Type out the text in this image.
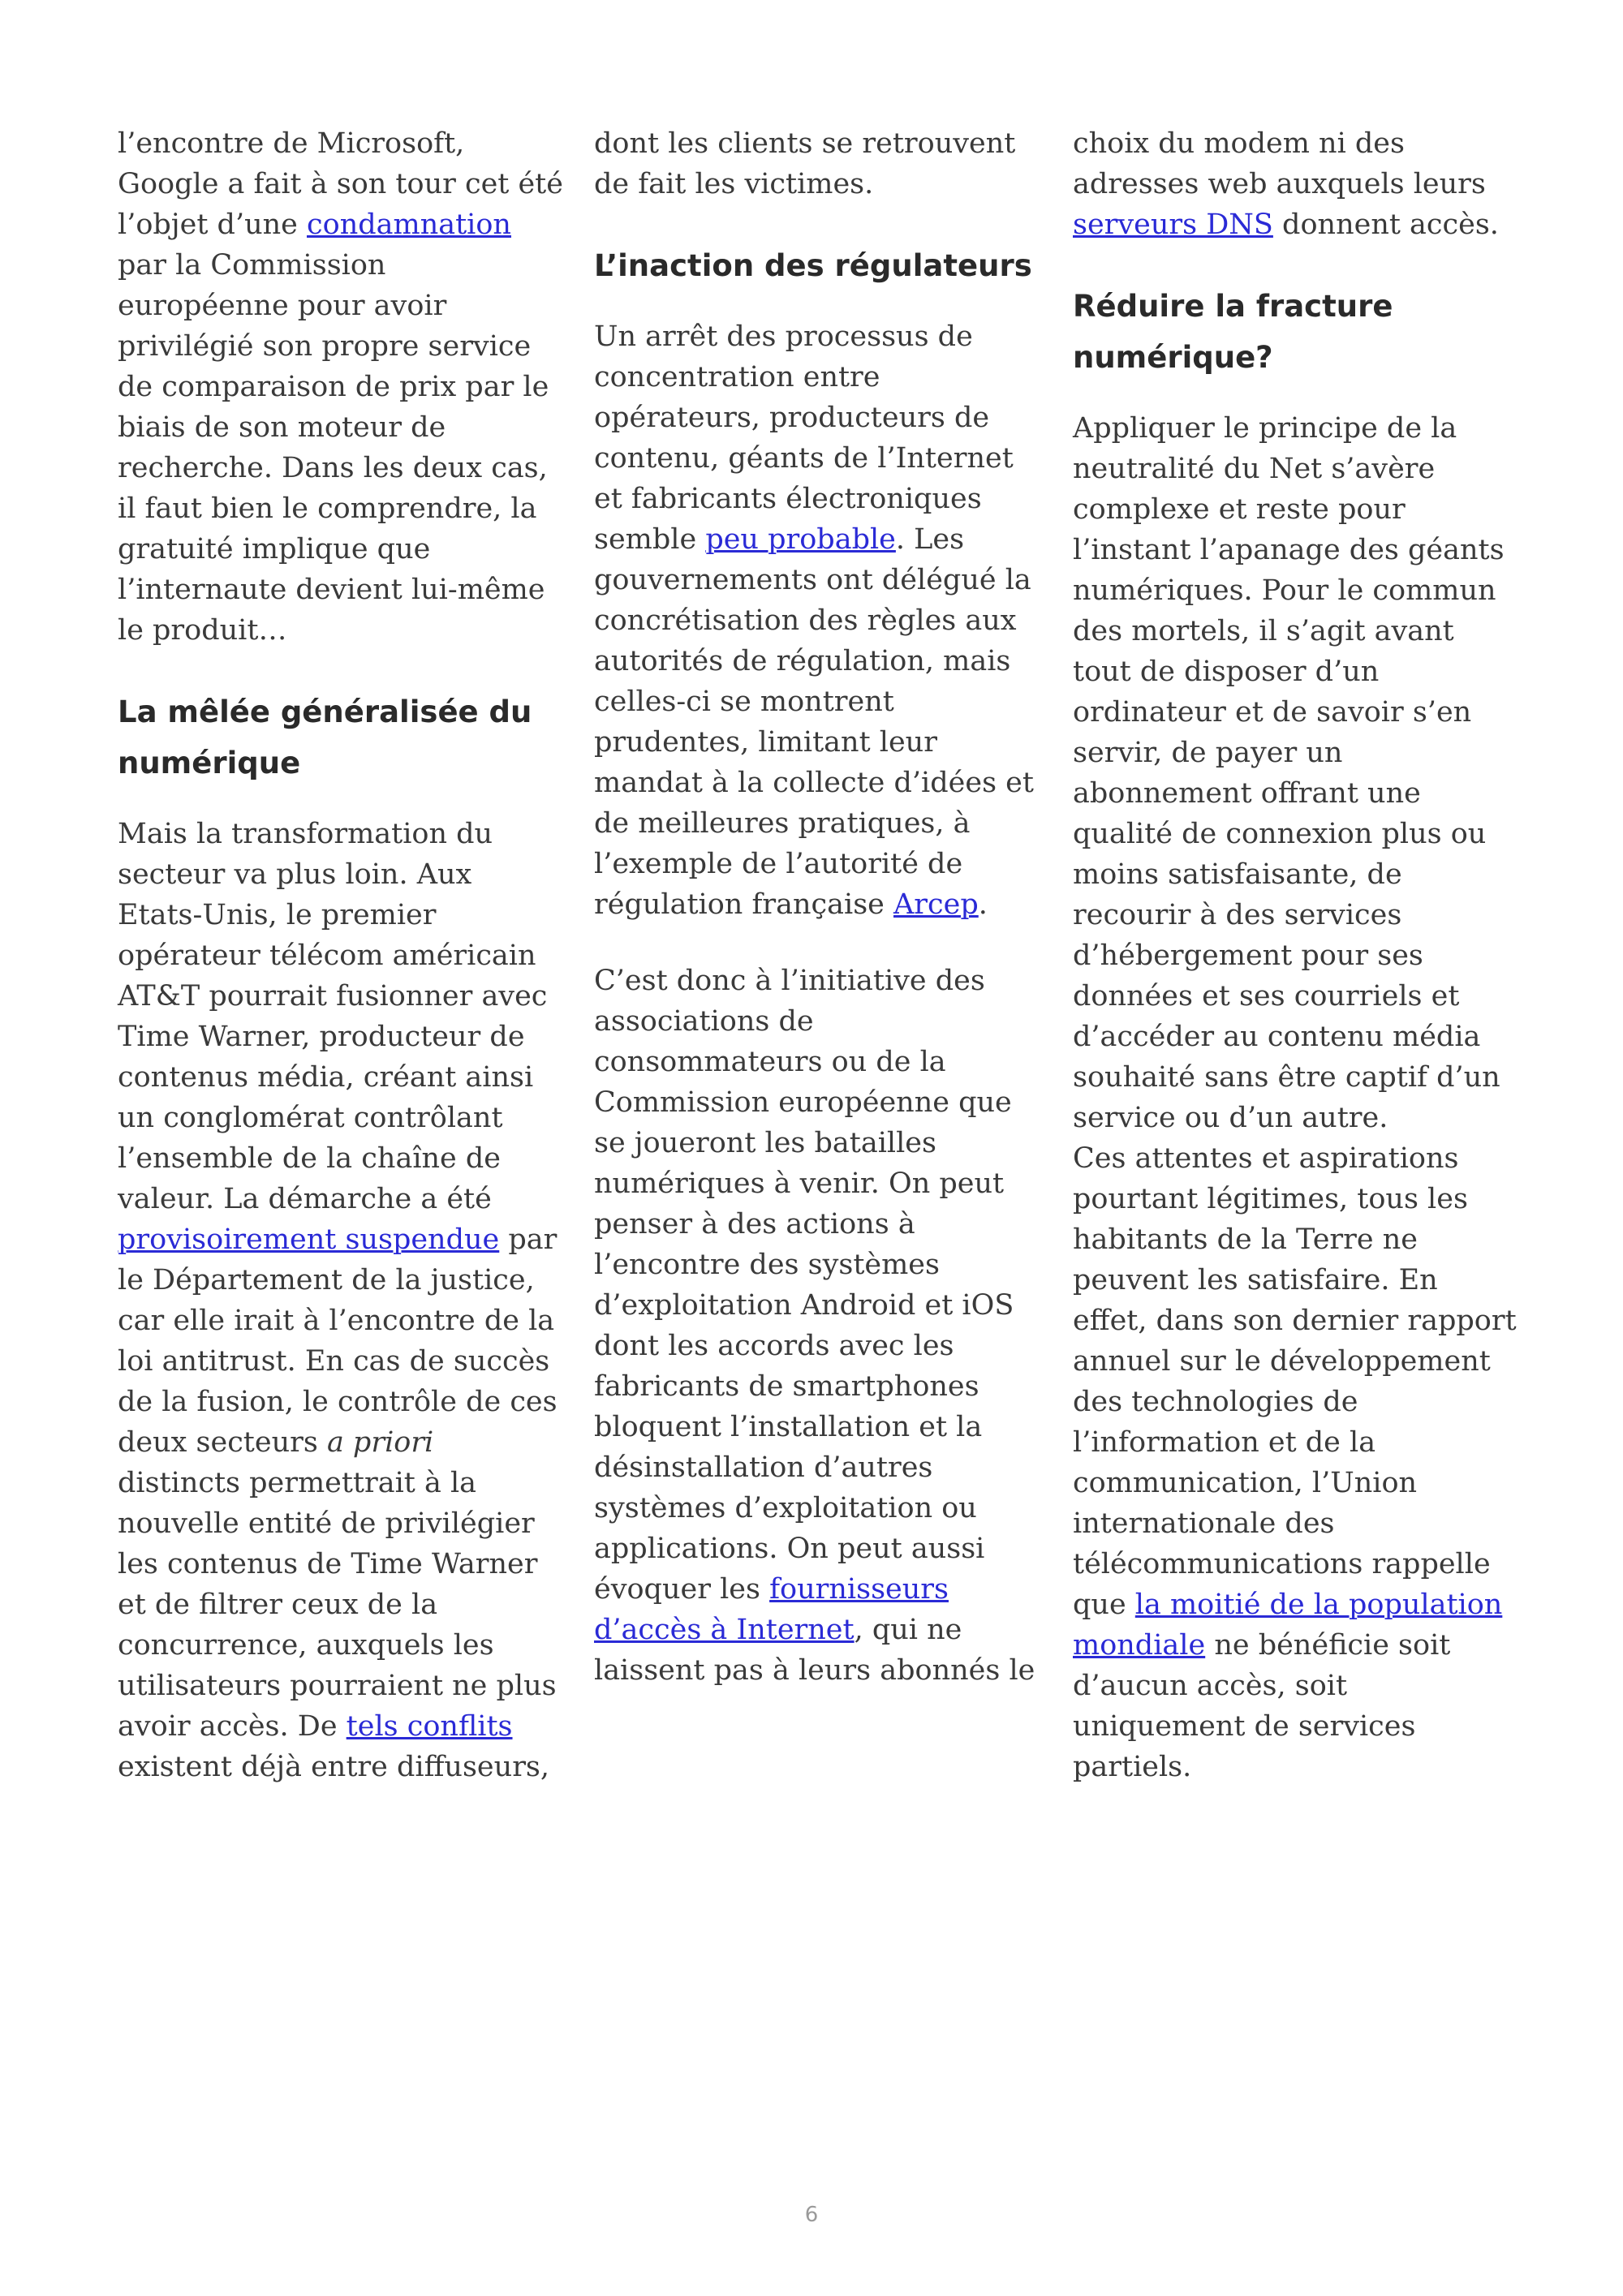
l’encontre de Microsoft, Google a fait à son tour cet été l’objet d’une condamnation par la Commission européenne pour avoir privilégié son propre service de comparaison de prix par le biais de son moteur de recherche. Dans les deux cas, il faut bien le comprendre, la gratuité implique que l’internaute devient lui-même le produit…

La mêlée généralisée du numérique

Mais la transformation du secteur va plus loin. Aux Etats-Unis, le premier opérateur télécom américain AT&T pourrait fusionner avec Time Warner, producteur de contenus média, créant ainsi un conglomérat contrôlant l’ensemble de la chaîne de valeur. La démarche a été provisoirement suspendue par le Département de la justice, car elle irait à l’encontre de la loi antitrust. En cas de succès de la fusion, le contrôle de ces deux secteurs a priori distincts permettrait à la nouvelle entité de privilégier les contenus de Time Warner et de filtrer ceux de la concurrence, auxquels les utilisateurs pourraient ne plus avoir accès. De tels conflits existent déjà entre diffuseurs,

dont les clients se retrouvent de fait les victimes.

L’inaction des régulateurs

Un arrêt des processus de concentration entre opérateurs, producteurs de contenu, géants de l’Internet et fabricants électroniques semble peu probable. Les gouvernements ont délégué la concrétisation des règles aux autorités de régulation, mais celles-ci se montrent prudentes, limitant leur mandat à la collecte d’idées et de meilleures pratiques, à l’exemple de l’autorité de régulation française Arcep.

C’est donc à l’initiative des associations de consommateurs ou de la Commission européenne que se joueront les batailles numériques à venir. On peut penser à des actions à l’encontre des systèmes d’exploitation Android et iOS dont les accords avec les fabricants de smartphones bloquent l’installation et la désinstallation d’autres systèmes d’exploitation ou applications. On peut aussi évoquer les fournisseurs d’accès à Internet, qui ne laissent pas à leurs abonnés le

choix du modem ni des adresses web auxquels leurs serveurs DNS donnent accès.

Réduire la fracture numérique?

Appliquer le principe de la neutralité du Net s’avère complexe et reste pour l’instant l’apanage des géants numériques. Pour le commun des mortels, il s’agit avant tout de disposer d’un ordinateur et de savoir s’en servir, de payer un abonnement offrant une qualité de connexion plus ou moins satisfaisante, de recourir à des services d’hébergement pour ses données et ses courriels et d’accéder au contenu média souhaité sans être captif d’un service ou d’un autre.

Ces attentes et aspirations pourtant légitimes, tous les habitants de la Terre ne peuvent les satisfaire. En effet, dans son dernier rapport annuel sur le développement des technologies de l’information et de la communication, l’Union internationale des télécommunications rappelle que la moitié de la population mondiale ne bénéficie soit d’aucun accès, soit uniquement de services partiels.

6
